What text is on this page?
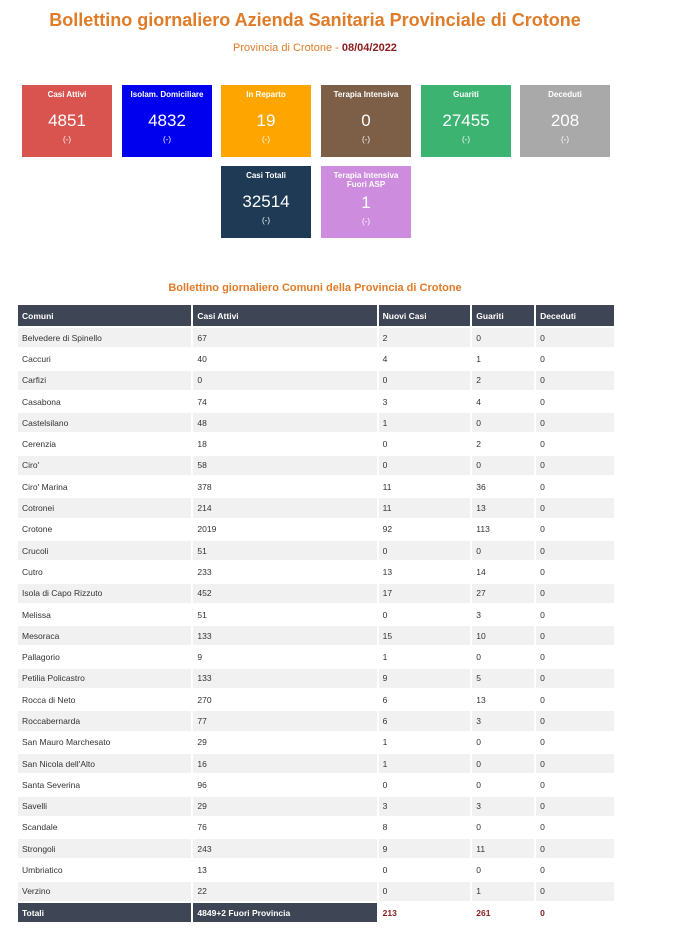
Bollettino giornaliero Azienda Sanitaria Provinciale di Crotone
Provincia di Crotone - 08/04/2022
Casi Attivi
4851
(-)
Isolam. Domiciliare
4832
(-)
In Reparto
19
(-)
Terapia Intensiva
0
(-)
Guariti
27455
(-)
Deceduti
208
(-)
Casi Totali
32514
(-)
Terapia Intensiva Fuori ASP
1
(-)
Bollettino giornaliero Comuni della Provincia di Crotone
Comuni	Casi Attivi	Nuovi Casi	Guariti	Deceduti
Belvedere di Spinello	67	2	0	0
Caccuri	40	4	1	0
Carfizi	0	0	2	0
Casabona	74	3	4	0
Castelsilano	48	1	0	0
Cerenzia	18	0	2	0
Ciro'	58	0	0	0
Ciro' Marina	378	11	36	0
Cotronei	214	11	13	0
Crotone	2019	92	113	0
Crucoli	51	0	0	0
Cutro	233	13	14	0
Isola di Capo Rizzuto	452	17	27	0
Melissa	51	0	3	0
Mesoraca	133	15	10	0
Pallagorio	9	1	0	0
Petilia Policastro	133	9	5	0
Rocca di Neto	270	6	13	0
Roccabernarda	77	6	3	0
San Mauro Marchesato	29	1	0	0
San Nicola dell'Alto	16	1	0	0
Santa Severina	96	0	0	0
Savelli	29	3	3	0
Scandale	76	8	0	0
Strongoli	243	9	11	0
Umbriatico	13	0	0	0
Verzino	22	0	1	0
Totali	4849+2 Fuori Provincia	213	261	0
